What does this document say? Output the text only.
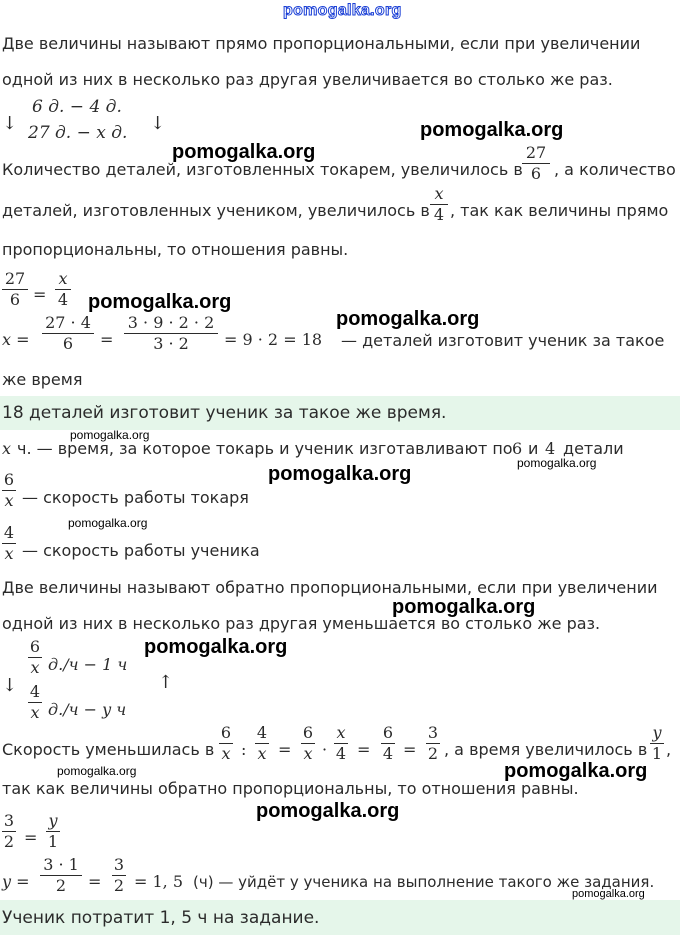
pomogalka.org
Две величины называют прямо пропорциональными, если при увеличении
одной из них в несколько раз другая увеличивается во столько же раз.
↓
6 д. − 4 д.
27 д. − x д. ↓
Количество деталей, изготовленных токарем, увеличилось в
27
6 , а количество
деталей, изготовленных учеником, увеличилось в
x
4 , так как величины прямо
пропорциональны, то отношения равны.
27
6 =
x
4
x =
27 · 4
6	=
3 · 9 · 2 · 2
3 · 2	= 9 · 2 = 18 — деталей изготовит ученик за такое
же время
18 деталей изготовит ученик за такое же время.
x ч. — время, за которое токарь и ученик изготавливают по 6 и 4 детали
6
x — скорость работы токаря
4
x — скорость работы ученика
Две величины называют обратно пропорциональными, если при увеличении
одной из них в несколько раз другая уменьшается во столько же раз.
↓
6
x д./ч − 1 ч
4
x д./ч − y ч
↑
Скорость уменьшилась в
6
x :
4
x =
6
x ·
x
4 =
6
4 =
3
2 , а время увеличилось в
y
1 ,
так как величины обратно пропорциональны, то отношения равны.
3
2 =
y
1
y =
3 · 1
2	=
3
2 = 1, 5 (ч) — уйдёт у ученика на выполнение такого же задания.
Ученик потратит 1, 5 ч на задание.
pomogalka.org
pomogalka.org
pomogalka.org
pomogalka.org
pomogalka.org
pomogalka.org
pomogalka.org
pomogalka.org
pomogalka.org
pomogalka.org
pomogalka.org	pomogalka.org
pomogalka.org
pomogalka.org
